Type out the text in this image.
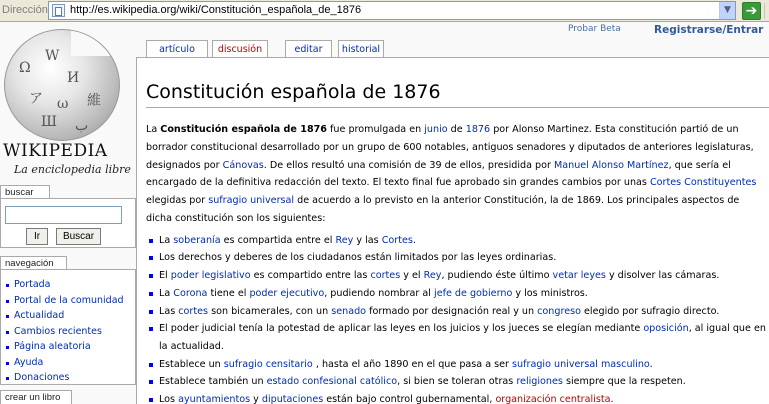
Dirección http://es.wikipedia.org/wiki/Constitución_española_de_1876	▼ ➔
Ω
W
И
ア ω 維
Ш ب
WIKIPEDIA
La enciclopedia libre
buscar
Ir	Buscar
navegación
Portada
Portal de la comunidad
Actualidad
Cambios recientes
Página aleatoria
Ayuda
Donaciones
crear un libro
Probar Beta	Registrarse/Entrar
artículo	discusión	editar	historial
Constitución española de 1876

La Constitución española de 1876 fue promulgada en junio de 1876 por Alonso Martinez. Esta constitución partió de un borrador constitucional desarrollado por un grupo de 600 notables, antiguos senadores y diputados de anteriores legislaturas, designados por Cánovas. De ellos resultó una comisión de 39 de ellos, presidida por Manuel Alonso Martínez, que sería el encargado de la definitiva redacción del texto. El texto final fue aprobado sin grandes cambios por unas Cortes Constituyentes elegidas por sufragio universal de acuerdo a lo previsto en la anterior Constitución, la de 1869. Los principales aspectos de dicha constitución son los siguientes:

La soberanía es compartida entre el Rey y las Cortes.
Los derechos y deberes de los ciudadanos están limitados por las leyes ordinarias.
El poder legislativo es compartido entre las cortes y el Rey, pudiendo éste último vetar leyes y disolver las cámaras.
La Corona tiene el poder ejecutivo, pudiendo nombrar al jefe de gobierno y los ministros.
Las cortes son bicamerales, con un senado formado por designación real y un congreso elegido por sufragio directo.
El poder judicial tenía la potestad de aplicar las leyes en los juicios y los jueces se elegían mediante oposición, al igual que en la actualidad.
Establece un sufragio censitario , hasta el año 1890 en el que pasa a ser sufragio universal masculino.
Establece también un estado confesional católico, si bien se toleran otras religiones siempre que la respeten.
Los ayuntamientos y diputaciones están bajo control gubernamental, organización centralista.
